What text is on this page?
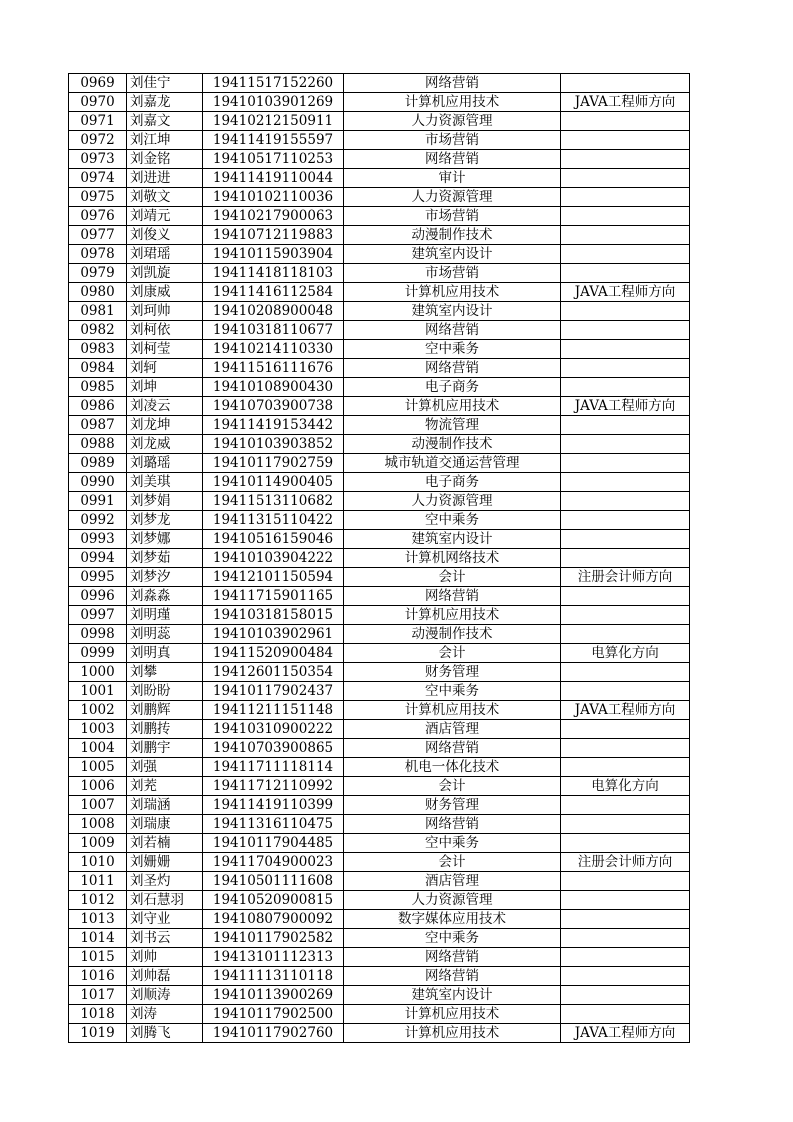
0969	刘佳宁	19411517152260	网络营销	
0970	刘嘉龙	19410103901269	计算机应用技术	JAVA工程师方向
0971	刘嘉文	19410212150911	人力资源管理	
0972	刘江坤	19411419155597	市场营销	
0973	刘金铭	19410517110253	网络营销	
0974	刘进进	19411419110044	审计	
0975	刘敬文	19410102110036	人力资源管理	
0976	刘靖元	19410217900063	市场营销	
0977	刘俊义	19410712119883	动漫制作技术	
0978	刘珺瑶	19410115903904	建筑室内设计	
0979	刘凯旋	19411418118103	市场营销	
0980	刘康威	19411416112584	计算机应用技术	JAVA工程师方向
0981	刘珂帅	19410208900048	建筑室内设计	
0982	刘柯依	19410318110677	网络营销	
0983	刘柯莹	19410214110330	空中乘务	
0984	刘轲	19411516111676	网络营销	
0985	刘坤	19410108900430	电子商务	
0986	刘凌云	19410703900738	计算机应用技术	JAVA工程师方向
0987	刘龙坤	19411419153442	物流管理	
0988	刘龙威	19410103903852	动漫制作技术	
0989	刘璐瑶	19410117902759	城市轨道交通运营管理	
0990	刘美琪	19410114900405	电子商务	
0991	刘梦娟	19411513110682	人力资源管理	
0992	刘梦龙	19411315110422	空中乘务	
0993	刘梦娜	19410516159046	建筑室内设计	
0994	刘梦茹	19410103904222	计算机网络技术	
0995	刘梦汐	19412101150594	会计	注册会计师方向
0996	刘淼淼	19411715901165	网络营销	
0997	刘明瑾	19410318158015	计算机应用技术	
0998	刘明蕊	19410103902961	动漫制作技术	
0999	刘明真	19411520900484	会计	电算化方向
1000	刘攀	19412601150354	财务管理	
1001	刘盼盼	19410117902437	空中乘务	
1002	刘鹏辉	19411211151148	计算机应用技术	JAVA工程师方向
1003	刘鹏抟	19410310900222	酒店管理	
1004	刘鹏宇	19410703900865	网络营销	
1005	刘强	19411711118114	机电一体化技术	
1006	刘茺	19411712110992	会计	电算化方向
1007	刘瑞涵	19411419110399	财务管理	
1008	刘瑞康	19411316110475	网络营销	
1009	刘若楠	19410117904485	空中乘务	
1010	刘姗姗	19411704900023	会计	注册会计师方向
1011	刘圣灼	19410501111608	酒店管理	
1012	刘石慧羽	19410520900815	人力资源管理	
1013	刘守业	19410807900092	数字媒体应用技术	
1014	刘书云	19410117902582	空中乘务	
1015	刘帅	19413101112313	网络营销	
1016	刘帅磊	19411113110118	网络营销	
1017	刘顺涛	19410113900269	建筑室内设计	
1018	刘涛	19410117902500	计算机应用技术	
1019	刘腾飞	19410117902760	计算机应用技术	JAVA工程师方向
